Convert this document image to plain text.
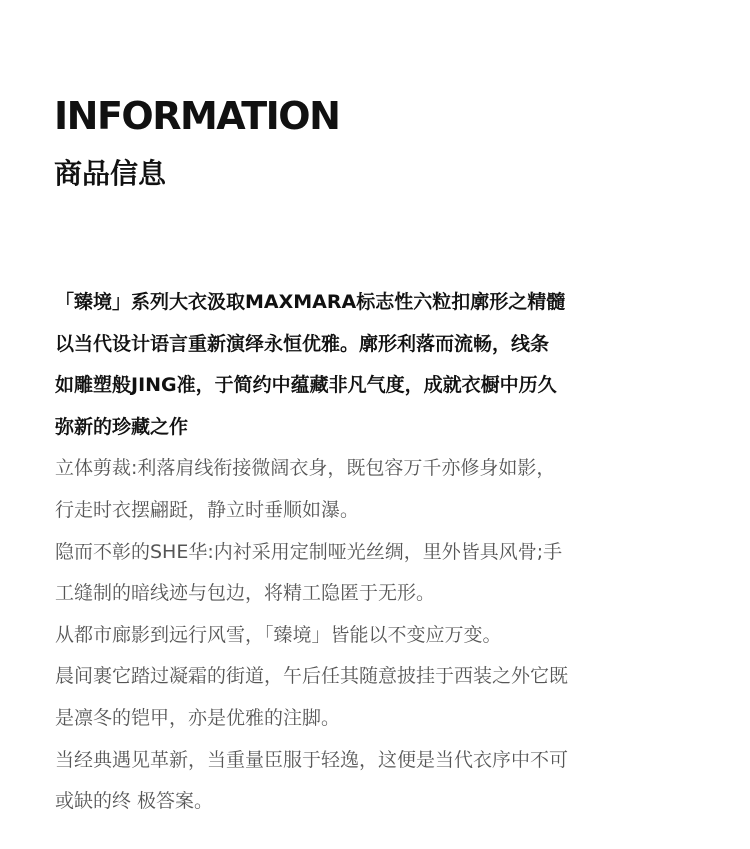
INFORMATION
商品信息
「臻境」系列大衣汲取MAXMARA标志性六粒扣廓形之精髓
以当代设计语言重新演绎永恒优雅。廓形利落而流畅，线条
如雕塑般JING准，于简约中蕴藏非凡气度，成就衣橱中历久
弥新的珍藏之作
立体剪裁:利落肩线衔接微阔衣身，既包容万千亦修身如影，
行走时衣摆翩跹，静立时垂顺如瀑。
隐而不彰的SHE华:内衬采用定制哑光丝绸，里外皆具风骨;手
工缝制的暗线迹与包边，将精工隐匿于无形。
从都市廊影到远行风雪，「臻境」皆能以不变应万变。
晨间裹它踏过凝霜的街道，午后任其随意披挂于西装之外它既
是凛冬的铠甲，亦是优雅的注脚。
当经典遇见革新，当重量臣服于轻逸，这便是当代衣序中不可
或缺的终 极答案。
